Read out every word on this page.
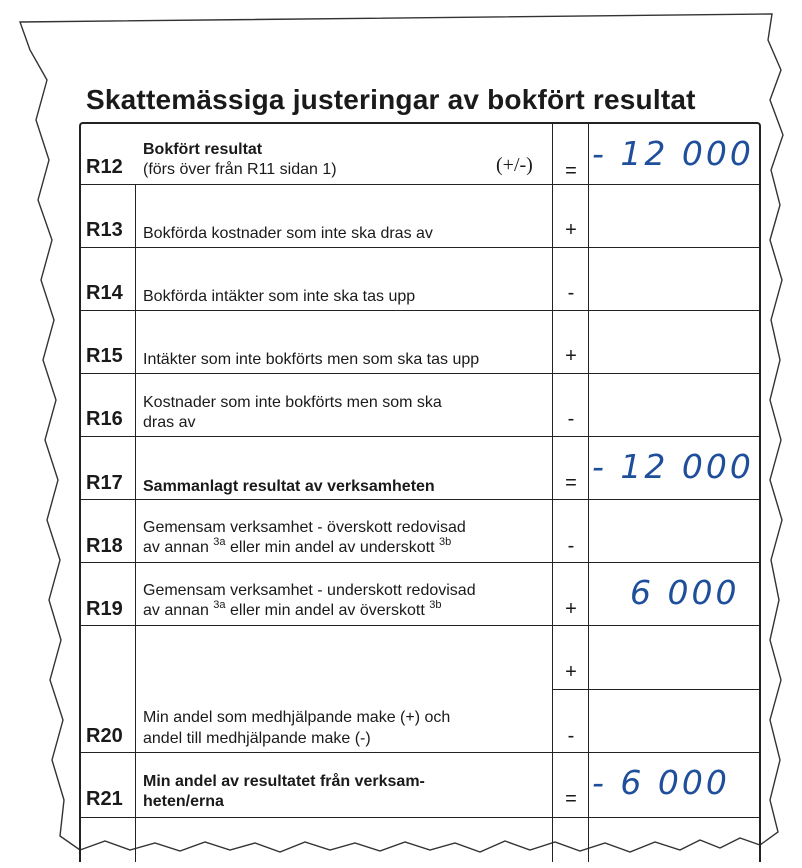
Skattemässiga justeringar av bokfört resultat
R12
Bokfört resultat
(förs över från R11 sidan 1)	(+/-)	= - 12 000
R13 Bokförda kostnader som inte ska dras av	+
R14 Bokförda intäkter som inte ska tas upp	-
R15 Intäkter som inte bokförts men som ska tas upp	+
R16
Kostnader som inte bokförts men som ska
dras av	-
R17 Sammanlagt resultat av verksamheten	= - 12 000
R18
Gemensam verksamhet - överskott redovisad
av annan $^{3a}$ eller min andel av underskott $^{3b}$	-
R19
Gemensam verksamhet - underskott redovisad
av annan $^{3a}$ eller min andel av överskott $^{3b}$	+	6 000
R20
Min andel som medhjälpande make (+) och
andel till medhjälpande make (-)
+
-
R21
Min andel av resultatet från verksam-
heten/erna	= - 6 000
